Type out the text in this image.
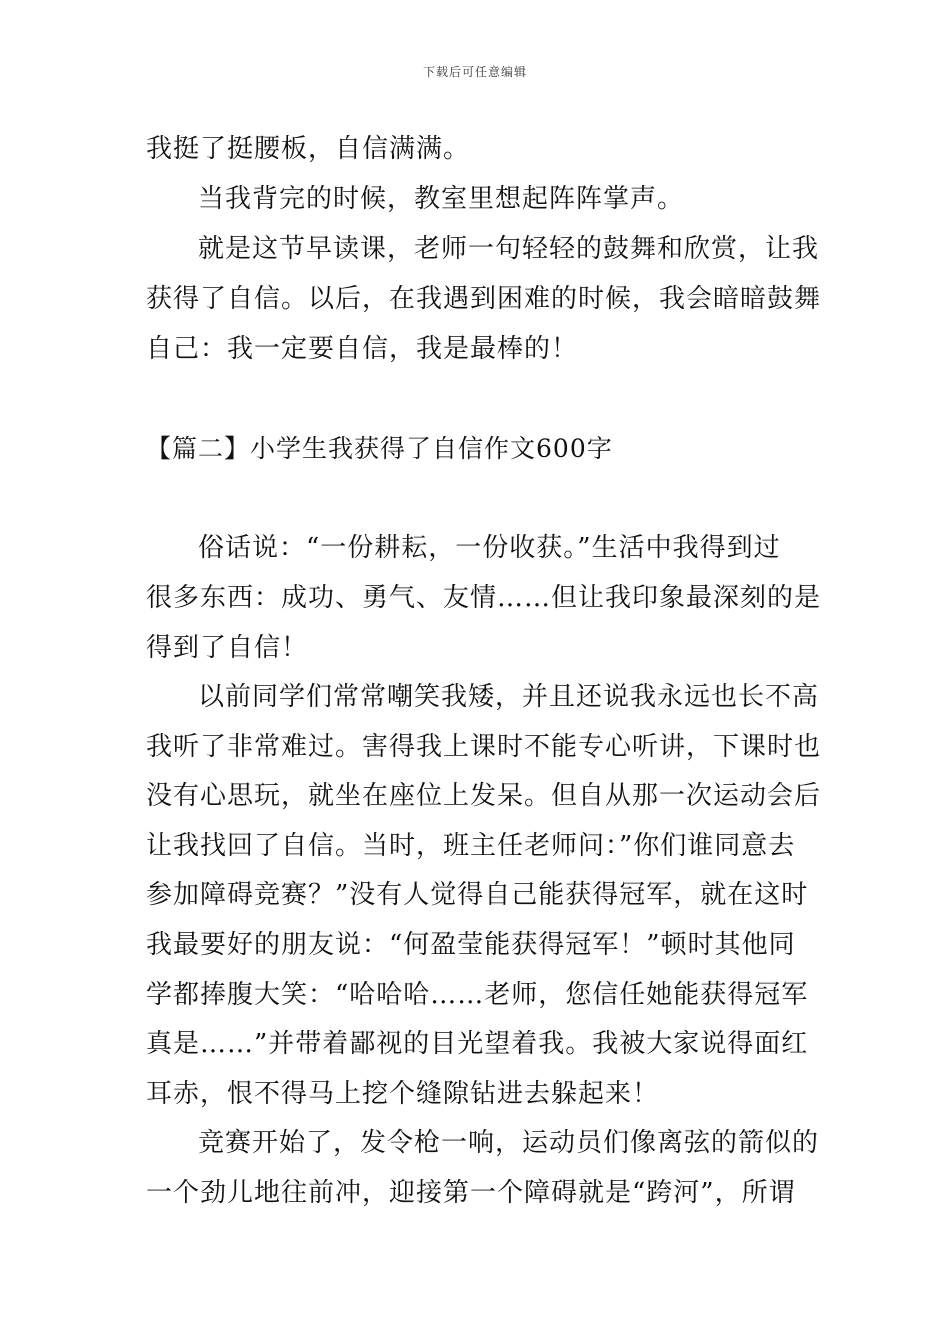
下载后可任意编辑
我挺了挺腰板，自信满满。
当我背完的时候，教室里想起阵阵掌声。
就是这节早读课，老师一句轻轻的鼓舞和欣赏，让我
获得了自信。以后，在我遇到困难的时候，我会暗暗鼓舞
自己：我一定要自信，我是最棒的！
【篇二】小学生我获得了自信作文600字
俗话说：“一份耕耘，一份收获。”生活中我得到过
很多东西：成功、勇气、友情……但让我印象最深刻的是
得到了自信！
以前同学们常常嘲笑我矮，并且还说我永远也长不高
我听了非常难过。害得我上课时不能专心听讲，下课时也
没有心思玩，就坐在座位上发呆。但自从那一次运动会后
让我找回了自信。当时，班主任老师问：”你们谁同意去
参加障碍竞赛？”没有人觉得自己能获得冠军，就在这时
我最要好的朋友说：“何盈莹能获得冠军！”顿时其他同
学都捧腹大笑：“哈哈哈……老师，您信任她能获得冠军
真是……”并带着鄙视的目光望着我。我被大家说得面红
耳赤，恨不得马上挖个缝隙钻进去躲起来！
竞赛开始了，发令枪一响，运动员们像离弦的箭似的
一个劲儿地往前冲，迎接第一个障碍就是“跨河”，所谓
